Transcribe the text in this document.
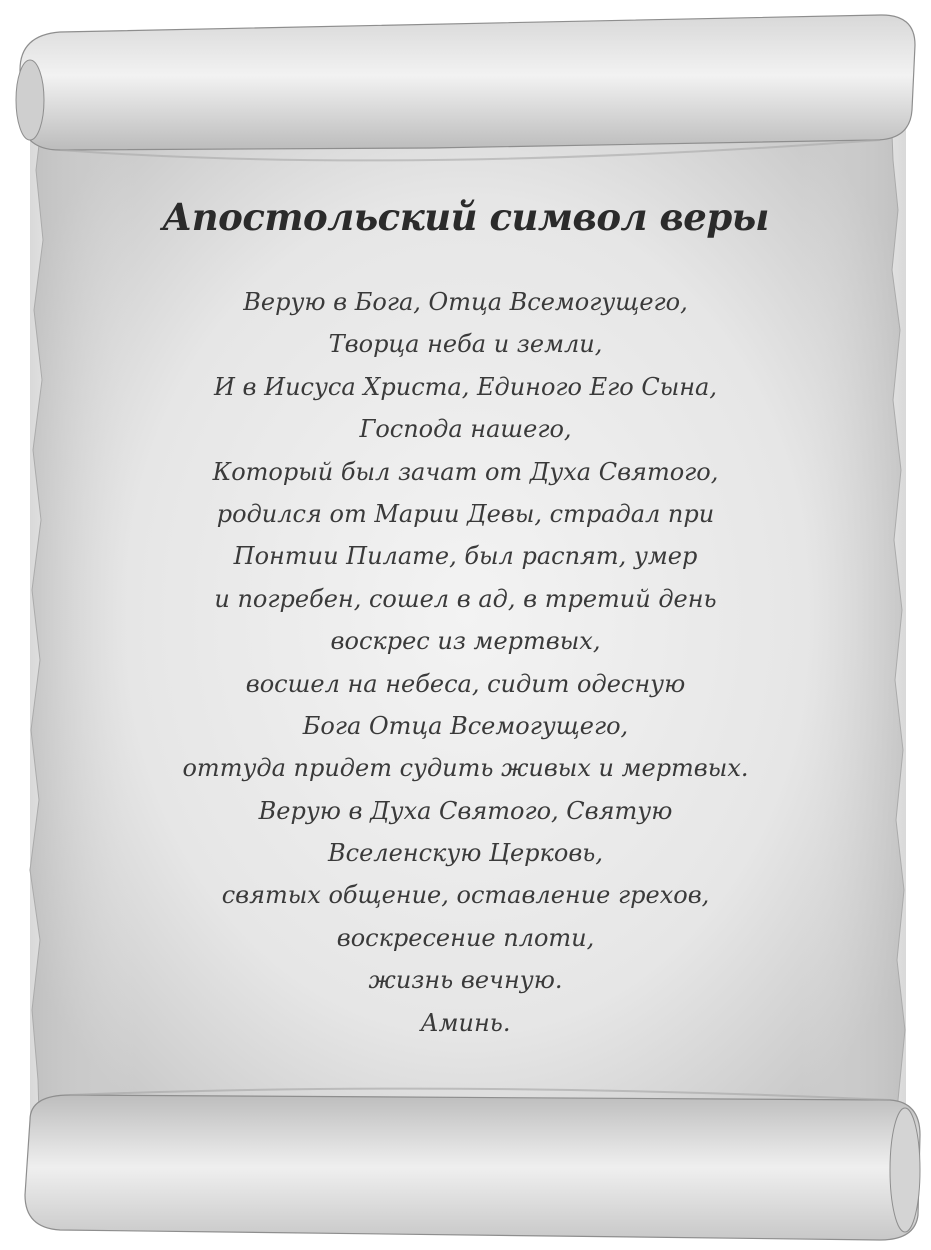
Апостольский символ веры
Верую в Бога, Отца Всемогущего,
Творца неба и земли,
И в Иисуса Христа, Единого Его Сына,
Господа нашего,
Который был зачат от Духа Святого,
родился от Марии Девы, страдал при
Понтии Пилате, был распят, умер
и погребен, сошел в ад, в третий день
воскрес из мертвых,
восшел на небеса, сидит одесную
Бога Отца Всемогущего,
оттуда придет судить живых и мертвых.
Верую в Духа Святого, Святую
Вселенскую Церковь,
святых общение, оставление грехов,
воскресение плоти,
жизнь вечную.
Аминь.
